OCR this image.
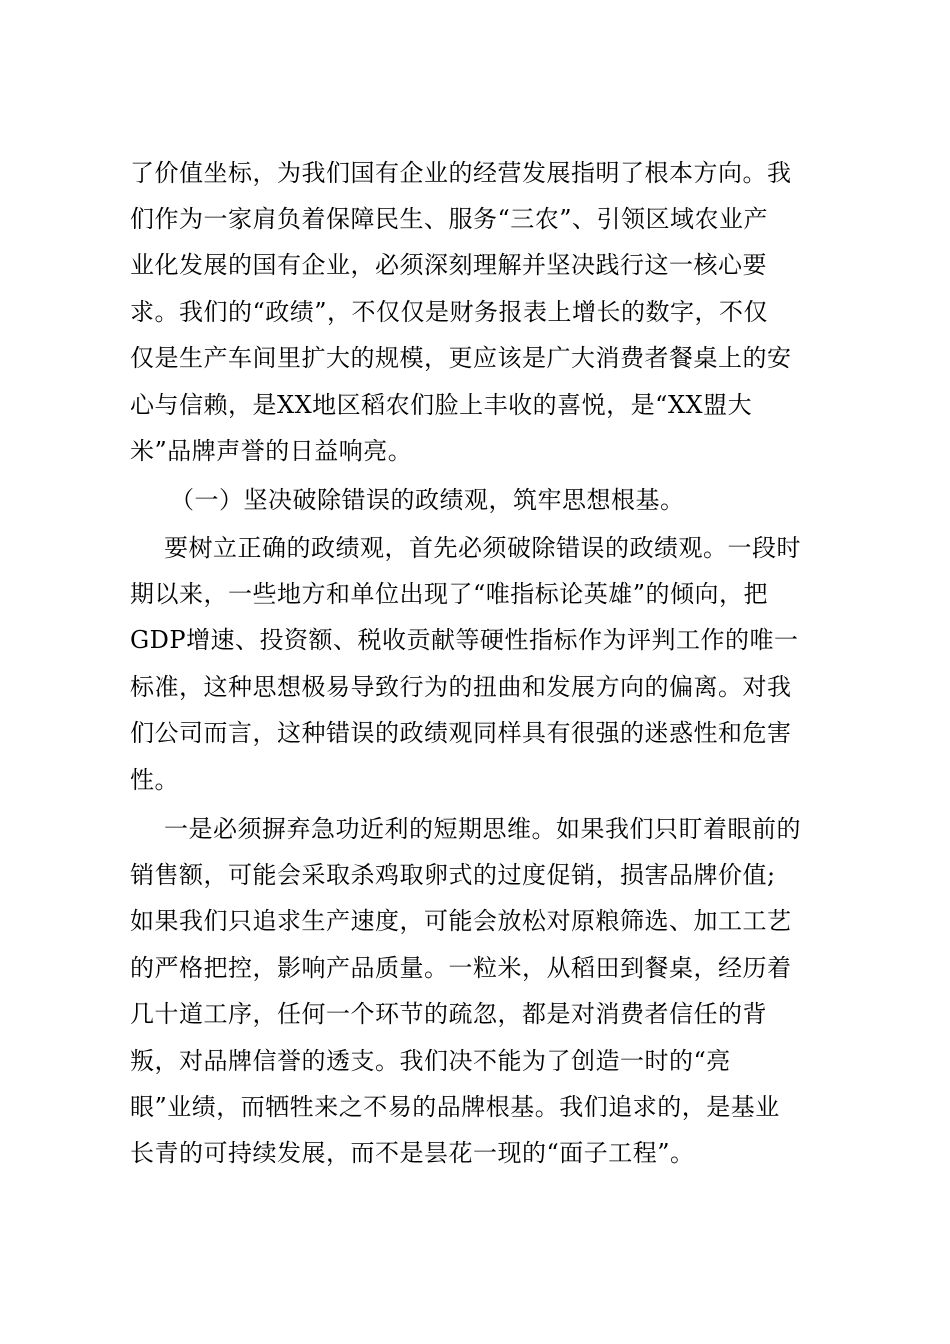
了价值坐标，为我们国有企业的经营发展指明了根本方向。我
们作为一家肩负着保障民生、服务“三农”、引领区域农业产
业化发展的国有企业，必须深刻理解并坚决践行这一核心要
求。我们的“政绩”，不仅仅是财务报表上增长的数字，不仅
仅是生产车间里扩大的规模，更应该是广大消费者餐桌上的安
心与信赖，是XX地区稻农们脸上丰收的喜悦，是“XX盟大
米”品牌声誉的日益响亮。
（一）坚决破除错误的政绩观，筑牢思想根基。
要树立正确的政绩观，首先必须破除错误的政绩观。一段时
期以来，一些地方和单位出现了“唯指标论英雄”的倾向，把
GDP增速、投资额、税收贡献等硬性指标作为评判工作的唯一
标准，这种思想极易导致行为的扭曲和发展方向的偏离。对我
们公司而言，这种错误的政绩观同样具有很强的迷惑性和危害
性。
一是必须摒弃急功近利的短期思维。如果我们只盯着眼前的
销售额，可能会采取杀鸡取卵式的过度促销，损害品牌价值;
如果我们只追求生产速度，可能会放松对原粮筛选、加工工艺
的严格把控，影响产品质量。一粒米，从稻田到餐桌，经历着
几十道工序，任何一个环节的疏忽，都是对消费者信任的背
叛，对品牌信誉的透支。我们决不能为了创造一时的“亮
眼”业绩，而牺牲来之不易的品牌根基。我们追求的，是基业
长青的可持续发展，而不是昙花一现的“面子工程”。
